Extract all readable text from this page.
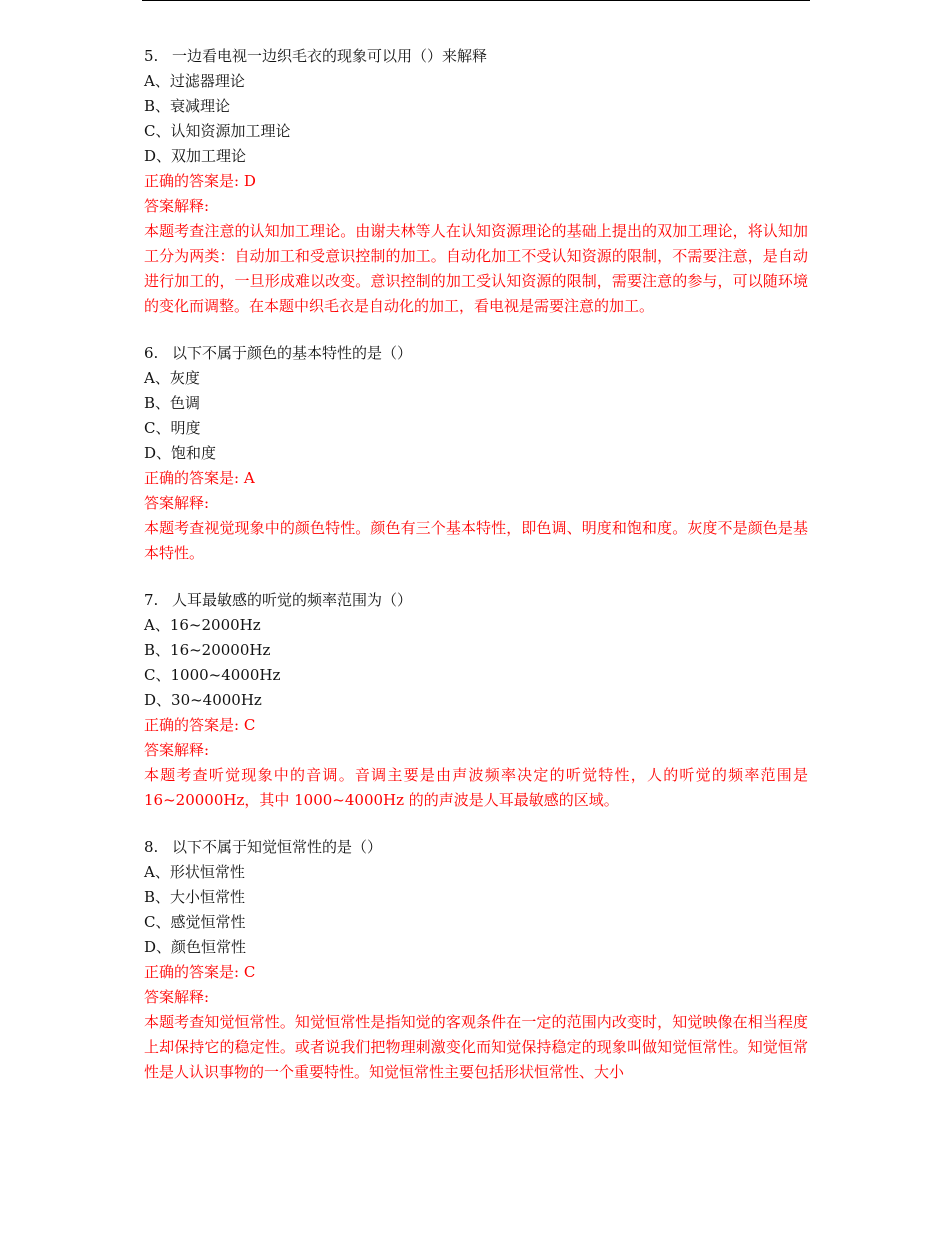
5. 一边看电视一边织毛衣的现象可以用（）来解释
A、过滤器理论
B、衰减理论
C、认知资源加工理论
D、双加工理论
正确的答案是: D
答案解释:
本题考查注意的认知加工理论。由谢夫林等人在认知资源理论的基础上提出的双加工理论，将认知加工分为两类：自动加工和受意识控制的加工。自动化加工不受认知资源的限制，不需要注意，是自动进行加工的，一旦形成难以改变。意识控制的加工受认知资源的限制，需要注意的参与，可以随环境的变化而调整。在本题中织毛衣是自动化的加工，看电视是需要注意的加工。
6. 以下不属于颜色的基本特性的是（）
A、灰度
B、色调
C、明度
D、饱和度
正确的答案是: A
答案解释:
本题考查视觉现象中的颜色特性。颜色有三个基本特性，即色调、明度和饱和度。灰度不是颜色是基本特性。
7. 人耳最敏感的听觉的频率范围为（）
A、16~2000Hz
B、16~20000Hz
C、1000~4000Hz
D、30~4000Hz
正确的答案是: C
答案解释:
本题考查听觉现象中的音调。音调主要是由声波频率决定的听觉特性，人的听觉的频率范围是 16~20000Hz，其中 1000~4000Hz 的的声波是人耳最敏感的区域。
8. 以下不属于知觉恒常性的是（）
A、形状恒常性
B、大小恒常性
C、感觉恒常性
D、颜色恒常性
正确的答案是: C
答案解释:
本题考查知觉恒常性。知觉恒常性是指知觉的客观条件在一定的范围内改变时，知觉映像在相当程度上却保持它的稳定性。或者说我们把物理刺激变化而知觉保持稳定的现象叫做知觉恒常性。知觉恒常性是人认识事物的一个重要特性。知觉恒常性主要包括形状恒常性、大小
